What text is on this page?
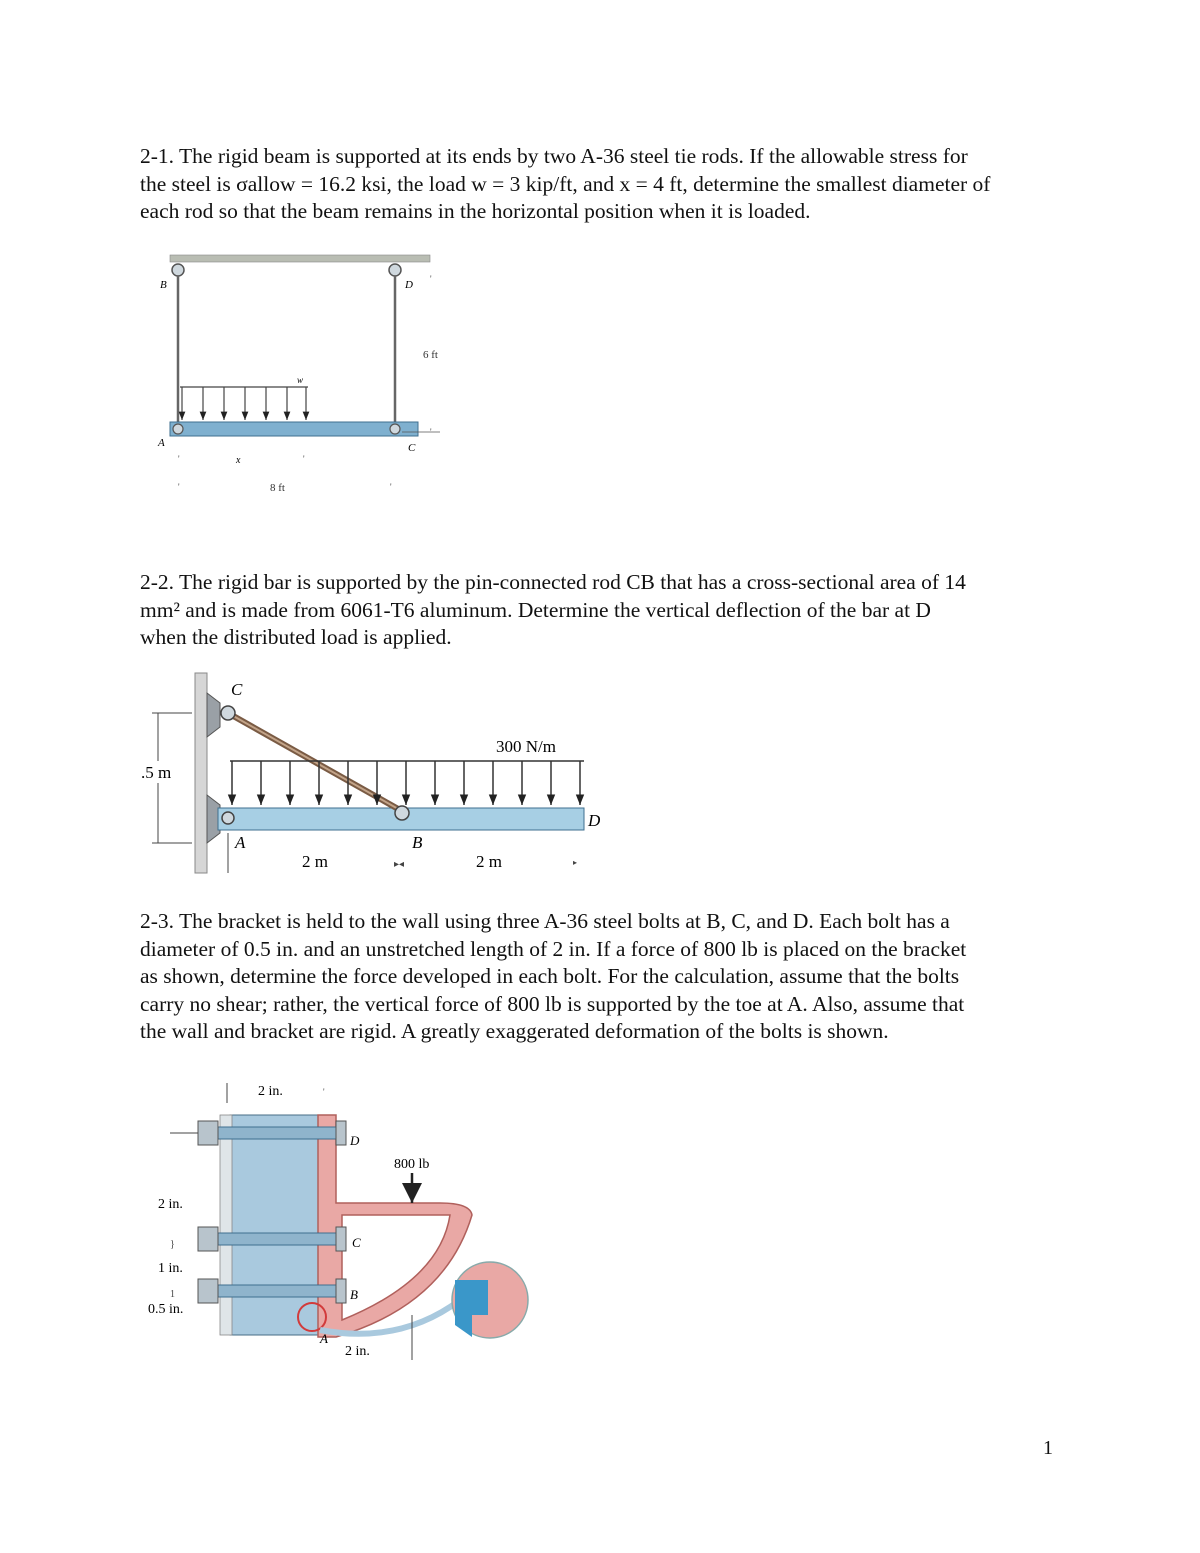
2-1. The rigid beam is supported at its ends by two A-36 steel tie rods. If the allowable stress for
the steel is σallow = 16.2 ksi, the load w = 3 kip/ft, and x = 4 ft, determine the smallest diameter of
each rod so that the beam remains in the horizontal position when it is loaded.
'
'
6 ft
B	D
A	C
w
x
'	'
8 ft
'	'
2-2. The rigid bar is supported by the pin-connected rod CB that has a cross-sectional area of 14
mm² and is made from 6061-T6 aluminum. Determine the vertical deflection of the bar at D
when the distributed load is applied.
300 N/m
.5 m
C
A	B
D
2 m	2 m
▸◂	▸
2-3. The bracket is held to the wall using three A-36 steel bolts at B, C, and D. Each bolt has a
diameter of 0.5 in. and an unstretched length of 2 in. If a force of 800 lb is placed on the bracket
as shown, determine the force developed in each bolt. For the calculation, assume that the bolts
carry no shear; rather, the vertical force of 800 lb is supported by the toe at A. Also, assume that
the wall and bracket are rigid. A greatly exaggerated deformation of the bolts is shown.
800 lb
2 in.	'
2 in.
}
1 in.
1
0.5 in.
D
C
B
A
2 in.
1
